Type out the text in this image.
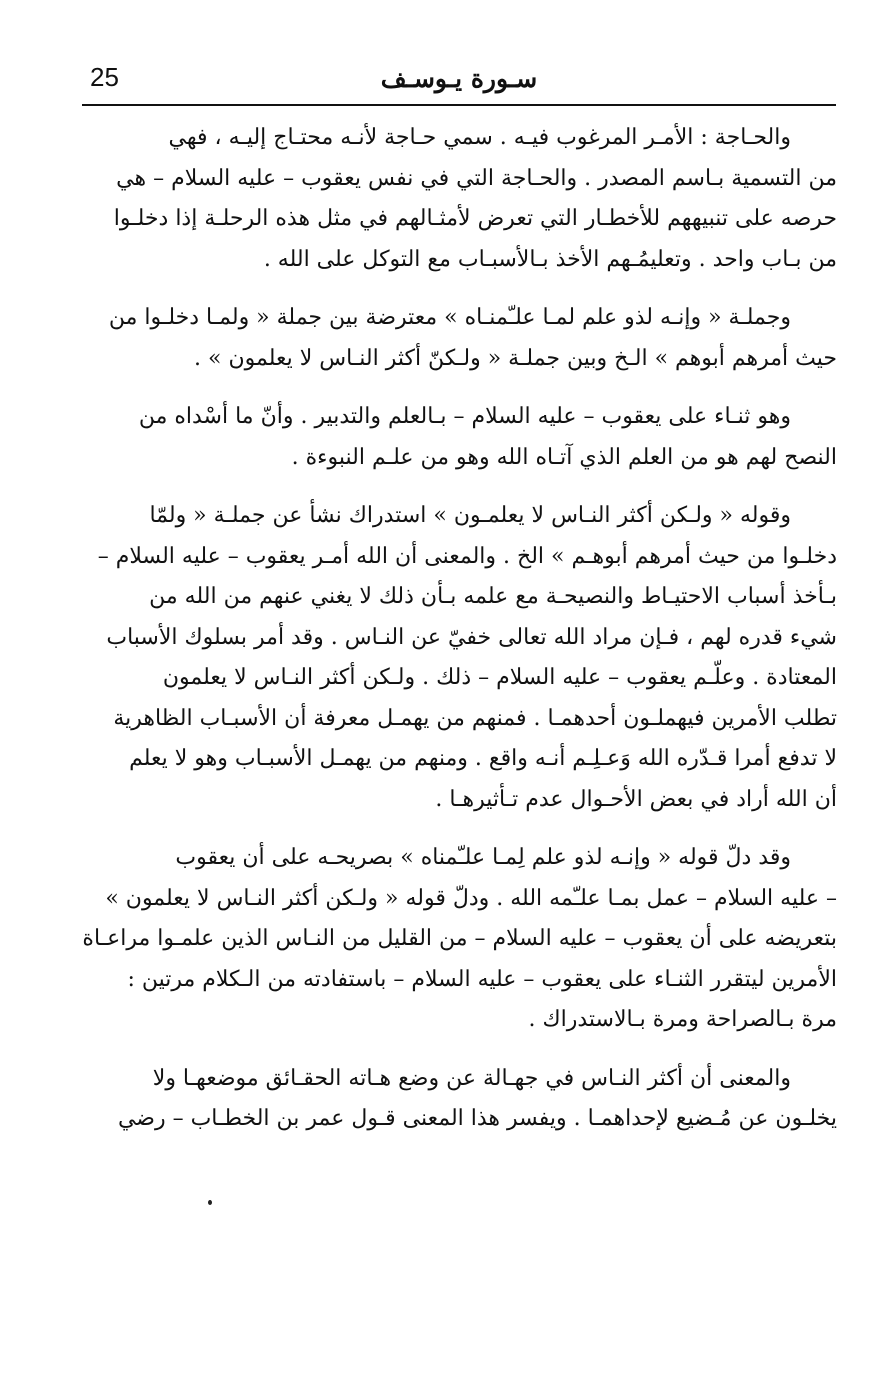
25	سـورة يـوسـف
والحـاجة : الأمـر المرغوب فيـه . سمي حـاجة لأنـه محتـاج إليـه ، فهي
من التسمية بـاسم المصدر . والحـاجة التي في نفس يعقوب – عليه السلام – هي
حرصه على تنبيههم للأخطـار التي تعرض لأمثـالهم في مثل هذه الرحلـة إذا دخلـوا
من بـاب واحد . وتعليمُـهم الأخذ بـالأسبـاب مع التوكل على الله .
وجملـة « وإنـه لذو علم لمـا علـّمنـاه » معترضة بين جملة « ولمـا دخلـوا من
حيث أمرهم أبوهم » الـخ وبين جملـة « ولـكنّ أكثر النـاس لا يعلمون » .
وهو ثنـاء على يعقوب – عليه السلام – بـالعلم والتدبير . وأنّ ما أسْداه من
النصح لهم هو من العلم الذي آتـاه الله وهو من علـم النبوءة .
وقوله « ولـكن أكثر النـاس لا يعلمـون » استدراك نشأ عن جملـة « ولمّا
دخلـوا من حيث أمرهم أبوهـم » الخ . والمعنى أن الله أمـر يعقوب – عليه السلام –
بـأخذ أسباب الاحتيـاط والنصيحـة مع علمه بـأن ذلك لا يغني عنهم من الله من
شيء قدره لهم ، فـإن مراد الله تعالى خفيّ عن النـاس . وقد أمر بسلوك الأسباب
المعتادة . وعلّـم يعقوب – عليه السلام – ذلك . ولـكن أكثر النـاس لا يعلمون
تطلب الأمرين فيهملـون أحدهمـا . فمنهم من يهمـل معرفة أن الأسبـاب الظاهرية
لا تدفع أمرا قـدّره الله وَعـلِـم أنـه واقع . ومنهم من يهمـل الأسبـاب وهو لا يعلم
أن الله أراد في بعض الأحـوال عدم تـأثيرهـا .
وقد دلّ قوله « وإنـه لذو علم لِمـا علـّمناه » بصريحـه على أن يعقوب
– عليه السلام – عمل بمـا علـّمه الله . ودلّ قوله « ولـكن أكثر النـاس لا يعلمون »
بتعريضه على أن يعقوب – عليه السلام – من القليل من النـاس الذين علمـوا مراعـاة
الأمرين ليتقرر الثنـاء على يعقوب – عليه السلام – باستفادته من الـكلام مرتين :
مرة بـالصراحة ومرة بـالاستدراك .
والمعنى أن أكثر النـاس في جهـالة عن وضع هـاته الحقـائق موضعهـا ولا
يخلـون عن مُـضيع لإحداهمـا . ويفسر هذا المعنى قـول عمر بن الخطـاب – رضي
